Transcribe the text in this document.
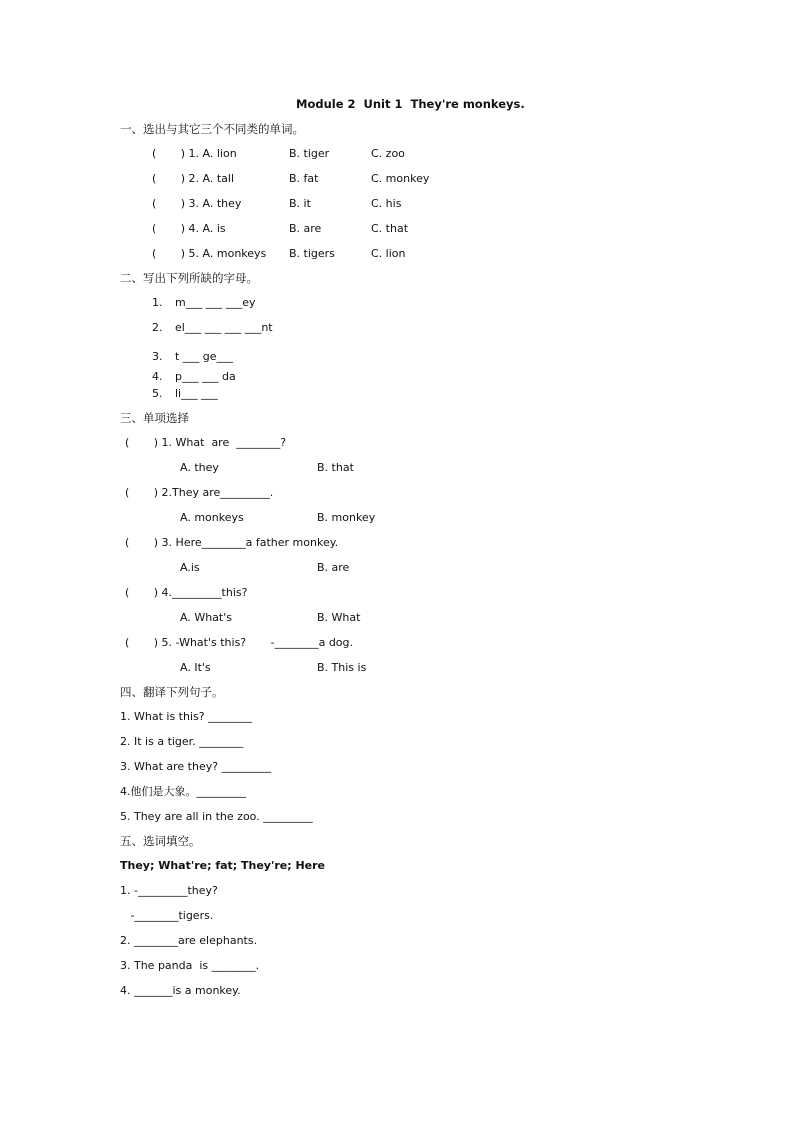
Module 2  Unit 1  They're monkeys.
一、选出与其它三个不同类的单词。
(       ) 1. A. lion	B. tiger	C. zoo
(       ) 2. A. tall	B. fat	C. monkey
(       ) 3. A. they	B. it	C. his
(       ) 4. A. is	B. are	C. that
(       ) 5. A. monkeys B. tigers	C. lion
二、写出下列所缺的字母。
1. m___ ___ ___ey
2. el___ ___ ___ ___nt
3. t ___ ge___
4. p___ ___ da
5. li___ ___
三、单项选择
(       ) 1. What  are  ________?
A. they	B. that
(       ) 2.They are_________.
A. monkeys	B. monkey
(       ) 3. Here________a father monkey.
A.is	B. are
(       ) 4._________this?
A. What's	B. What
(       ) 5. -What's this?       -________a dog.
A. It's	B. This is
四、翻译下列句子。
1. What is this? ________
2. It is a tiger. ________
3. What are they? _________
4.他们是大象。_________
5. They are all in the zoo. _________
五、选词填空。
They; What're; fat; They're; Here
1. -_________they?
-________tigers.
2. ________are elephants.
3. The panda  is ________.
4. _______is a monkey.
